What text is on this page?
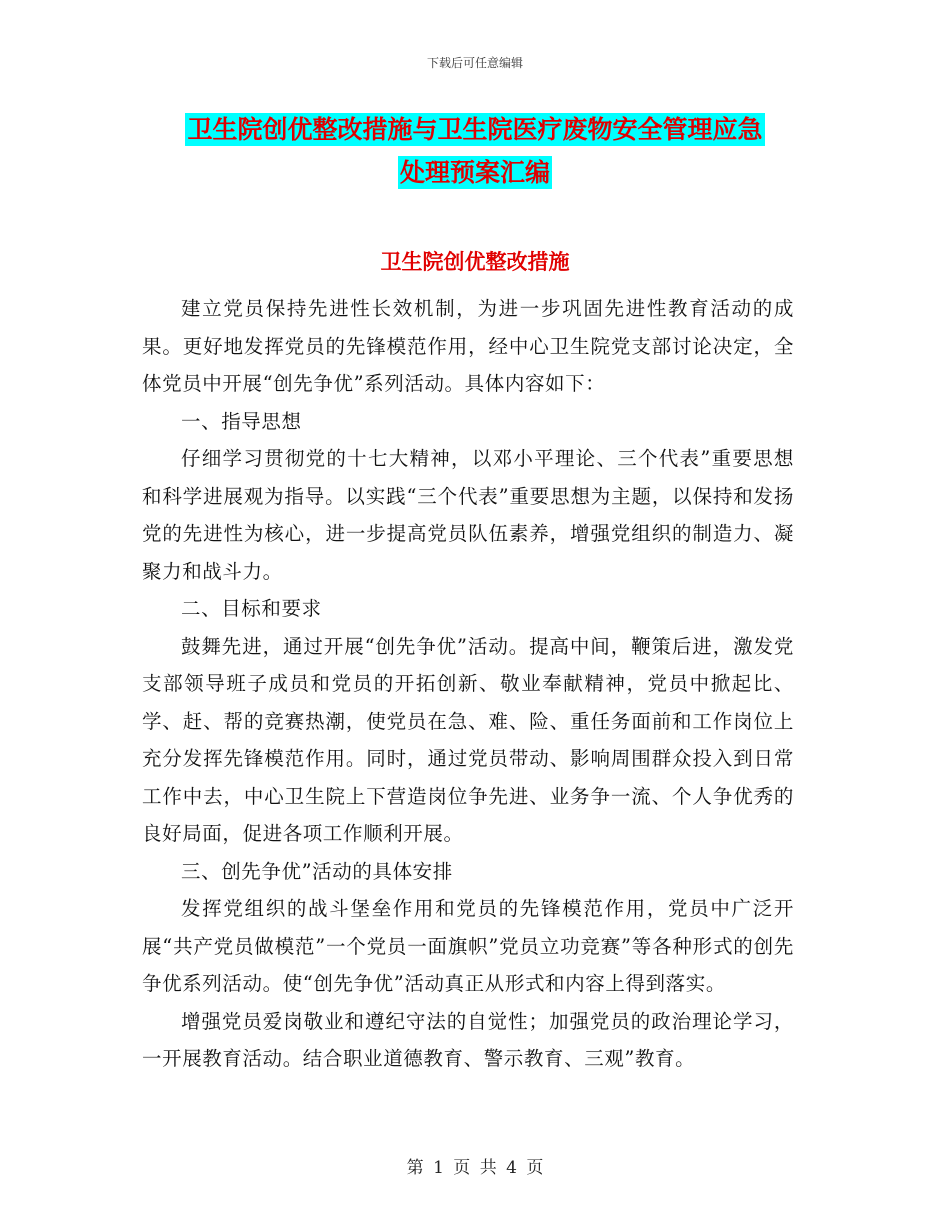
下载后可任意编辑
卫生院创优整改措施与卫生院医疗废物安全管理应急
处理预案汇编
卫生院创优整改措施

建立党员保持先进性长效机制，为进一步巩固先进性教育活动的成果。更好地发挥党员的先锋模范作用，经中心卫生院党支部讨论决定，全体党员中开展“创先争优”系列活动。具体内容如下：

一、指导思想

仔细学习贯彻党的十七大精神，以邓小平理论、三个代表”重要思想和科学进展观为指导。以实践“三个代表”重要思想为主题，以保持和发扬党的先进性为核心，进一步提高党员队伍素养，增强党组织的制造力、凝聚力和战斗力。

二、目标和要求

鼓舞先进，通过开展“创先争优”活动。提高中间，鞭策后进，激发党支部领导班子成员和党员的开拓创新、敬业奉献精神，党员中掀起比、学、赶、帮的竞赛热潮，使党员在急、难、险、重任务面前和工作岗位上充分发挥先锋模范作用。同时，通过党员带动、影响周围群众投入到日常工作中去，中心卫生院上下营造岗位争先进、业务争一流、个人争优秀的良好局面，促进各项工作顺利开展。

三、创先争优”活动的具体安排

发挥党组织的战斗堡垒作用和党员的先锋模范作用，党员中广泛开展“共产党员做模范”一个党员一面旗帜”党员立功竞赛”等各种形式的创先争优系列活动。使“创先争优”活动真正从形式和内容上得到落实。

增强党员爱岗敬业和遵纪守法的自觉性；加强党员的政治理论学习，一开展教育活动。结合职业道德教育、警示教育、三观”教育。

第 1 页 共 4 页
